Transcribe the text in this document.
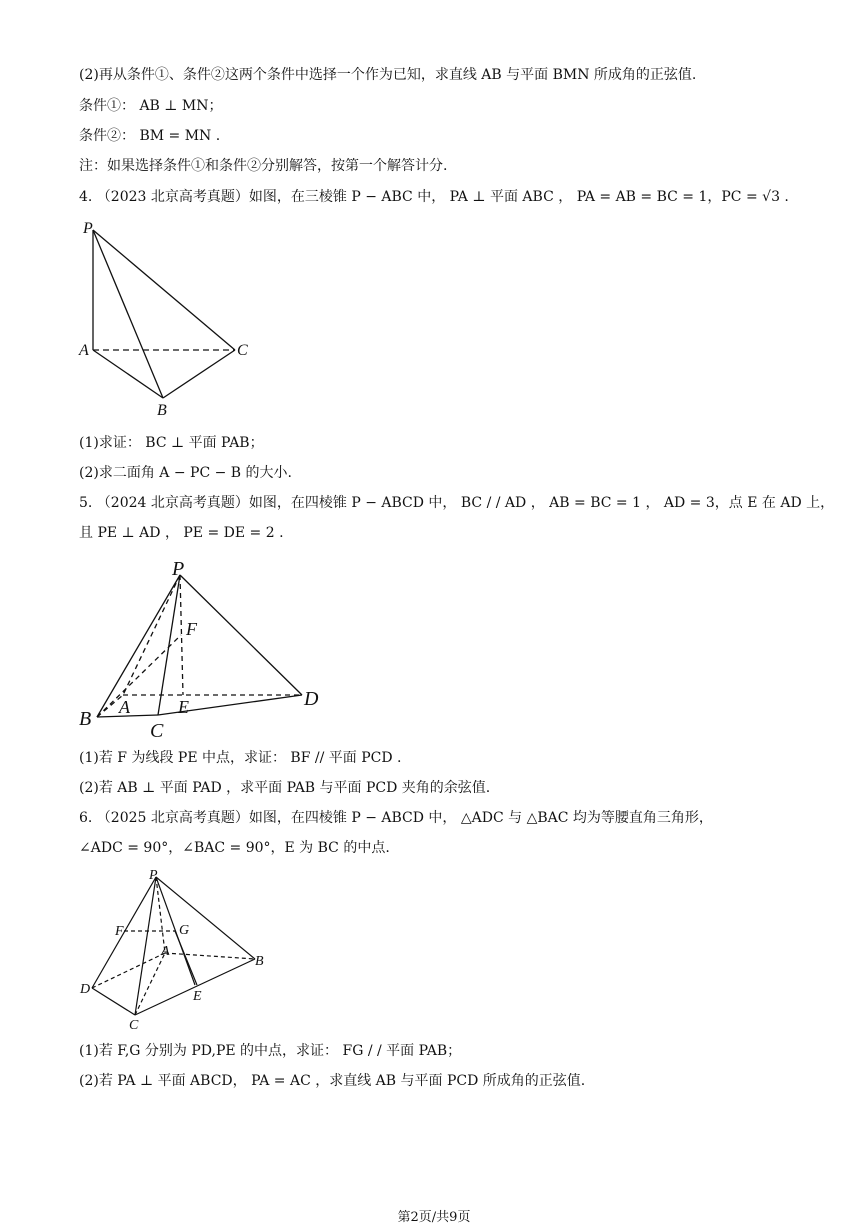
(2)再从条件①、条件②这两个条件中选择一个作为已知，求直线 AB 与平面 BMN 所成角的正弦值.
条件①： AB ⊥ MN；
条件②： BM = MN .
注：如果选择条件①和条件②分别解答，按第一个解答计分.
4. （2023 北京高考真题）如图，在三棱锥 P − ABC 中， PA ⊥ 平面 ABC ， PA = AB = BC = 1，PC = √3 .
P
A	C
B
(1)求证： BC ⊥ 平面 PAB；
(2)求二面角 A − PC − B 的大小.
5. （2024 北京高考真题）如图，在四棱锥 P − ABCD 中， BC / / AD ， AB = BC = 1 ， AD = 3，点 E 在 AD 上，
且 PE ⊥ AD ， PE = DE = 2 .
P
F
A	E
B
C
D
(1)若 F 为线段 PE 中点，求证： BF // 平面 PCD .
(2)若 AB ⊥ 平面 PAD ，求平面 PAB 与平面 PCD 夹角的余弦值.
6. （2025 北京高考真题）如图，在四棱锥 P − ABCD 中， △ADC 与 △BAC 均为等腰直角三角形，
∠ADC = 90°，∠BAC = 90°，E 为 BC 的中点.
P
F	G
A
B
D	E
C
(1)若 F,G 分别为 PD,PE 的中点，求证： FG / / 平面 PAB；
(2)若 PA ⊥ 平面 ABCD， PA = AC ，求直线 AB 与平面 PCD 所成角的正弦值.
第2页/共9页
